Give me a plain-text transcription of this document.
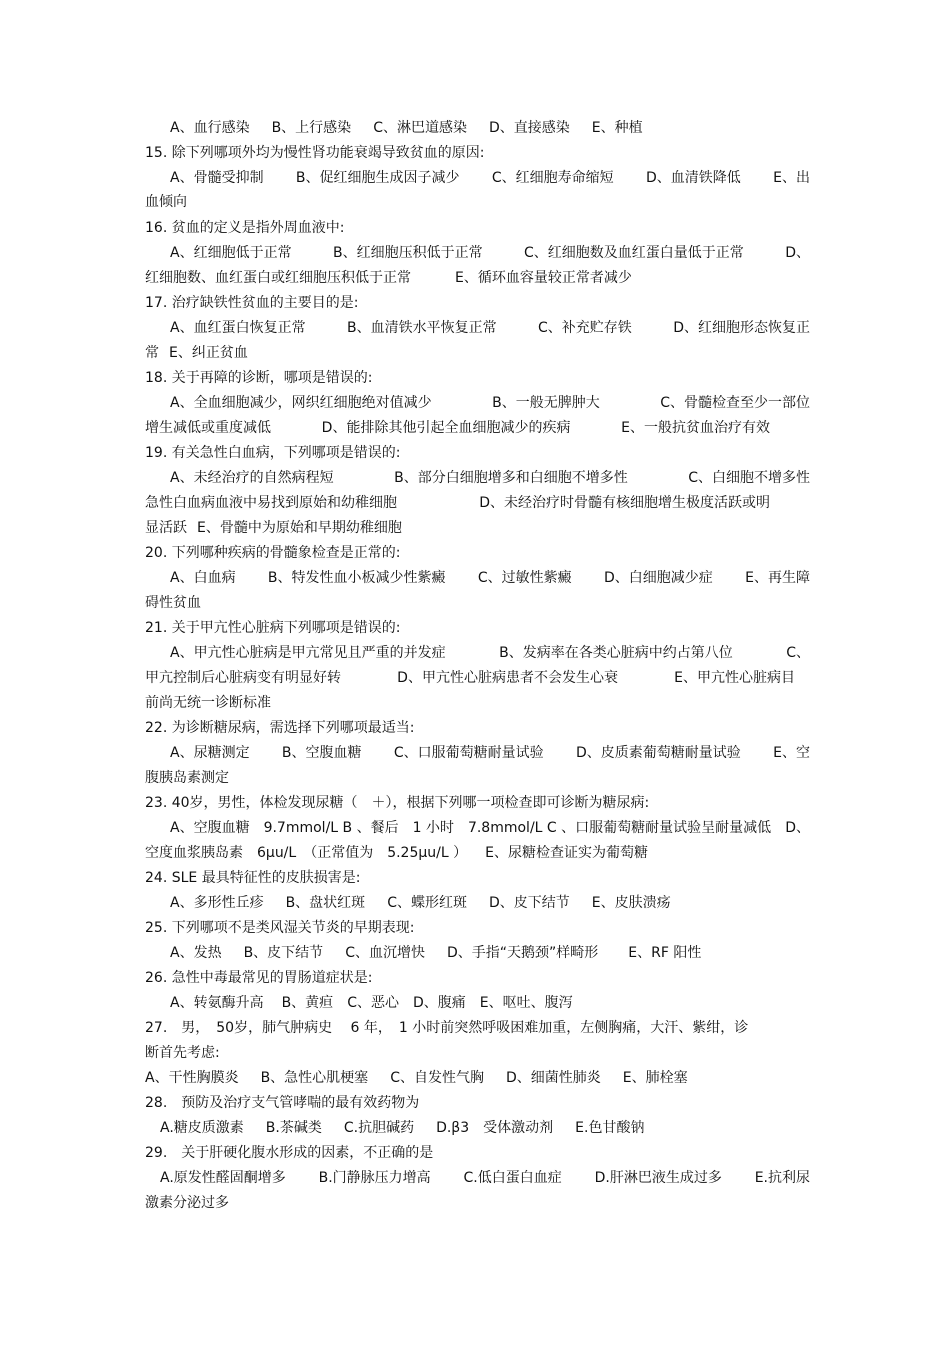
A、血行感染 B、上行感染 C、淋巴道感染 D、直接感染 E、种植
15. 除下列哪项外均为慢性肾功能衰竭导致贫血的原因:
A、骨髓受抑制 B、促红细胞生成因子减少 C、红细胞寿命缩短 D、血清铁降低 E、出
血倾向
16. 贫血的定义是指外周血液中:
A、红细胞低于正常	B、红细胞压积低于正常	C、红细胞数及血红蛋白量低于正常	D、
红细胞数、血红蛋白或红细胞压积低于正常	E、循环血容量较正常者减少
17. 治疗缺铁性贫血的主要目的是:
A、血红蛋白恢复正常	B、血清铁水平恢复正常	C、补充贮存铁	D、红细胞形态恢复正
常 E、纠正贫血
18. 关于再障的诊断，哪项是错误的:
A、全血细胞减少，网织红细胞绝对值减少	B、一般无脾肿大	C、骨髓检查至少一部位
增生减低或重度减低	D、能排除其他引起全血细胞减少的疾病	E、一般抗贫血治疗有效
19. 有关急性白血病，下列哪项是错误的:
A、未经治疗的自然病程短	B、部分白细胞增多和白细胞不增多性	C、白细胞不增多性
急性白血病血液中易找到原始和幼稚细胞	D、未经治疗时骨髓有核细胞增生极度活跃或明
显活跃 E、骨髓中为原始和早期幼稚细胞
20. 下列哪种疾病的骨髓象检查是正常的:
A、白血病 B、特发性血小板减少性紫癜 C、过敏性紫癜 D、白细胞减少症 E、再生障
碍性贫血
21. 关于甲亢性心脏病下列哪项是错误的:
A、甲亢性心脏病是甲亢常见且严重的并发症	B、发病率在各类心脏病中约占第八位	C、
甲亢控制后心脏病变有明显好转	D、甲亢性心脏病患者不会发生心衰	E、甲亢性心脏病目
前尚无统一诊断标准
22. 为诊断糖尿病，需选择下列哪项最适当:
A、尿糖测定 B、空腹血糖 C、口服葡萄糖耐量试验 D、皮质素葡萄糖耐量试验 E、空
腹胰岛素测定
23. 40岁，男性，体检发现尿糖（　＋），根据下列哪一项检查即可诊断为糖尿病:
A、空腹血糖　9.7mmol/L B 、餐后　1 小时　7.8mmol/L C 、口服葡萄糖耐量试验呈耐量减低 D、
空度血浆胰岛素　6μu/L　（正常值为　5.25μu/L ） E、尿糖检查证实为葡萄糖
24. SLE 最具特征性的皮肤损害是:
A、多形性丘疹 B、盘状红斑 C、蝶形红斑 D、皮下结节 E、皮肤溃疡
25. 下列哪项不是类风湿关节炎的早期表现:
A、发热 B、皮下结节 C、血沉增快 D、手指“天鹅颈”样畸形 E、RF 阳性
26. 急性中毒最常见的胃肠道症状是:
A、转氨酶升高 B、黄疸 C、恶心 D、腹痛 E、呕吐、腹泻
27.　男，　50岁，肺气肿病史　 6 年，　1 小时前突然呼吸困难加重，左侧胸痛，大汗、紫绀，诊
断首先考虑:
A、干性胸膜炎 B、急性心肌梗塞 C、自发性气胸 D、细菌性肺炎 E、肺栓塞
28.　预防及治疗支气管哮喘的最有效药物为
A.糖皮质激素 B.茶碱类 C.抗胆碱药 D.β3　受体激动剂 E.色甘酸钠
29.　关于肝硬化腹水形成的因素，不正确的是
A.原发性醛固酮增多 B.门静脉压力增高 C.低白蛋白血症 D.肝淋巴液生成过多 E.抗利尿
激素分泌过多
